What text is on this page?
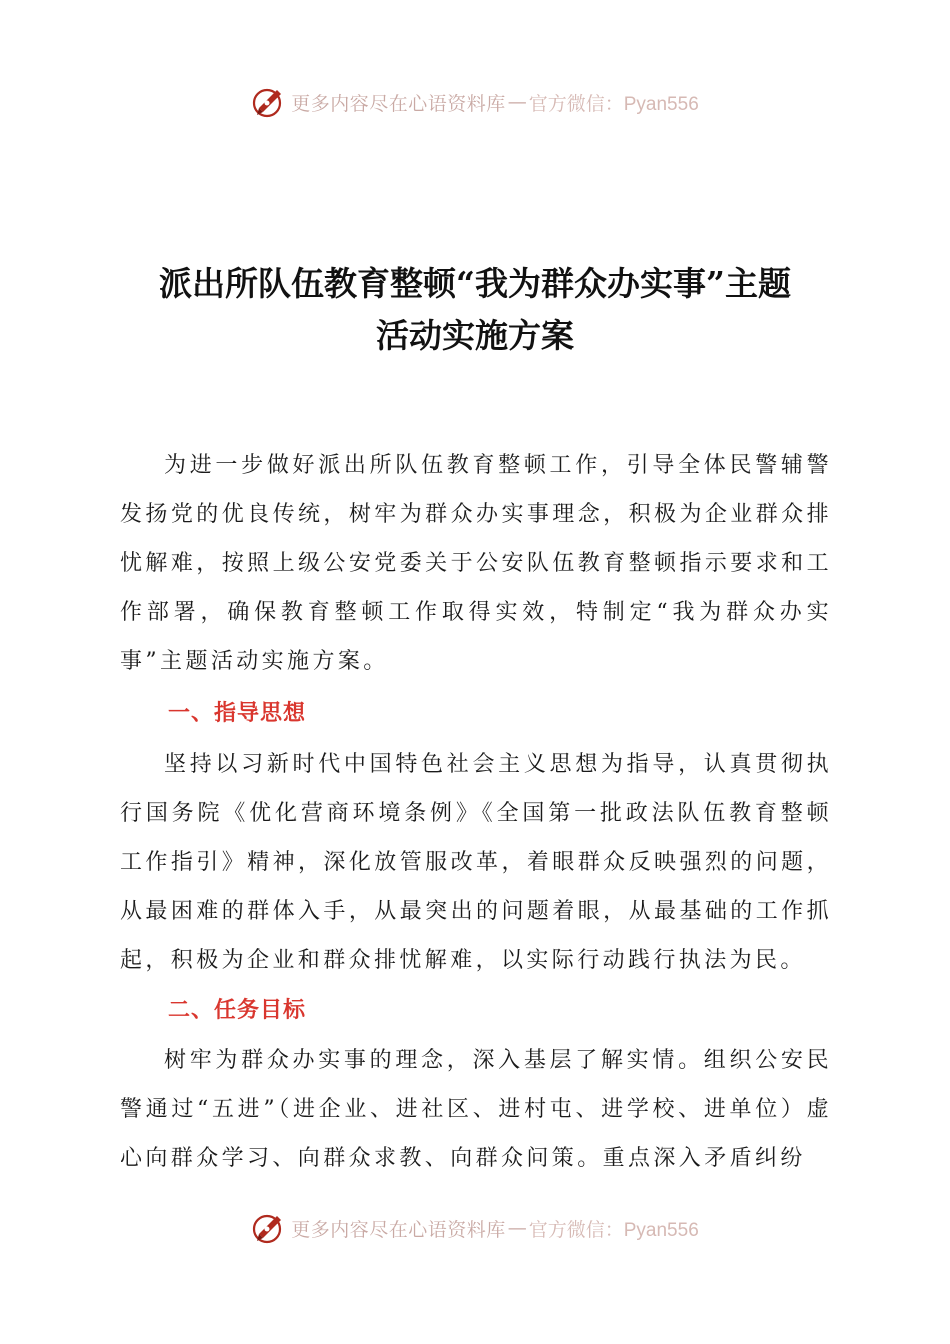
更多内容尽在心语资料库 — 官方微信：Pyan556
派出所队伍教育整顿“我为群众办实事”主题
活动实施方案

为进一步做好派出所队伍教育整顿工作，引导全体民警辅警发扬党的优良传统，树牢为群众办实事理念，积极为企业群众排忧解难，按照上级公安党委关于公安队伍教育整顿指示要求和工作部署，确保教育整顿工作取得实效，特制定“我为群众办实事”主题活动实施方案。

一、指导思想

坚持以习新时代中国特色社会主义思想为指导，认真贯彻执行国务院《优化营商环境条例》《全国第一批政法队伍教育整顿工作指引》精神，深化放管服改革，着眼群众反映强烈的问题，从最困难的群体入手，从最突出的问题着眼，从最基础的工作抓起，积极为企业和群众排忧解难，以实际行动践行执法为民。

二、任务目标

树牢为群众办实事的理念，深入基层了解实情。组织公安民警通过“五进”（进企业、进社区、进村屯、进学校、进单位）虚心向群众学习、向群众求教、向群众问策。重点深入矛盾纠纷

更多内容尽在心语资料库 — 官方微信：Pyan556
